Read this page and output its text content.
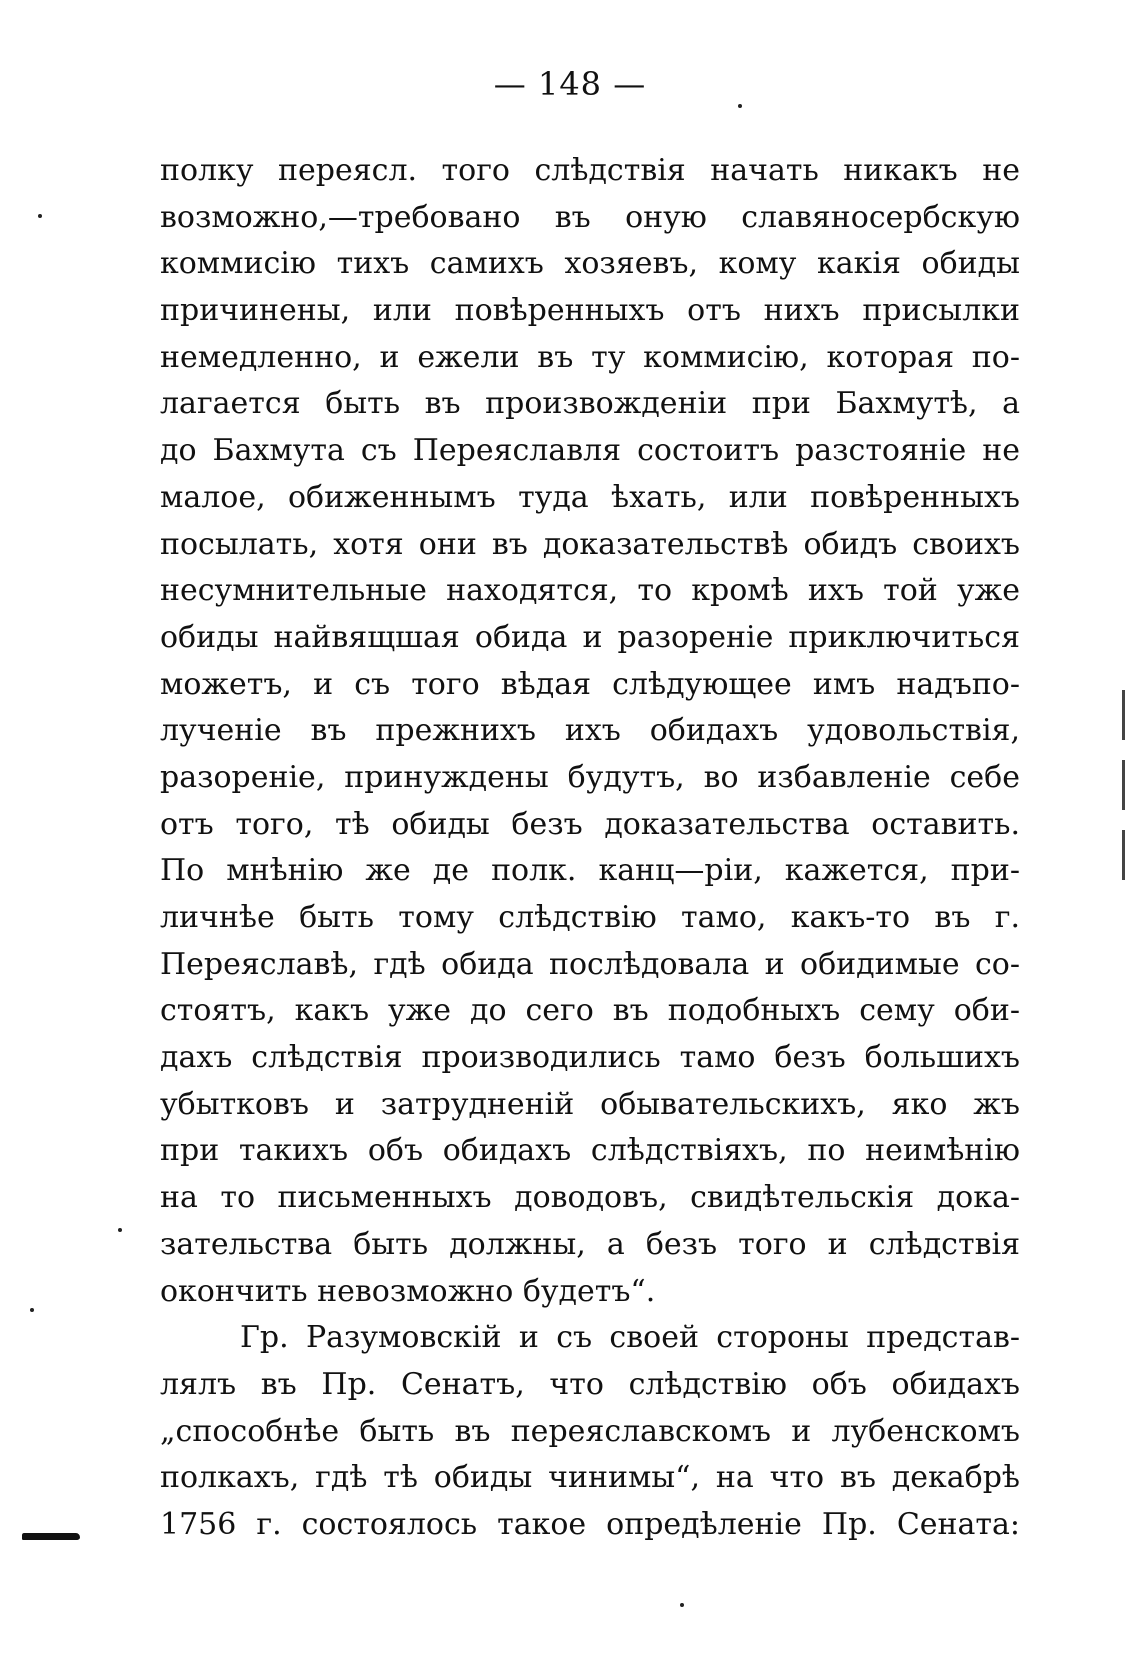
— 148 —
полку переясл. того слѣдствія начать никакъ не
возможно,—требовано въ оную славяносербскую
коммисію тихъ самихъ хозяевъ, кому какія обиды
причинены, или повѣренныхъ отъ нихъ присылки
немедленно, и ежели въ ту коммисію, которая по-
лагается быть въ произвожденіи при Бахмутѣ, а
до Бахмута съ Переяславля состоитъ разстояніе не
малое, обиженнымъ туда ѣхать, или повѣренныхъ
посылать, хотя они въ доказательствѣ обидъ своихъ
несумнительные находятся, то кромѣ ихъ той уже
обиды найвящшая обида и разореніе приключиться
можетъ, и съ того вѣдая слѣдующее имъ надъпо-
лученіе въ прежнихъ ихъ обидахъ удовольствія,
разореніе, принуждены будутъ, во избавленіе себе
отъ того, тѣ обиды безъ доказательства оставить.
По мнѣнію же де полк. канц—ріи, кажется, при-
личнѣе быть тому слѣдствію тамо, какъ-то въ г.
Переяславѣ, гдѣ обида послѣдовала и обидимые со-
стоятъ, какъ уже до сего въ подобныхъ сему оби-
дахъ слѣдствія производились тамо безъ большихъ
убытковъ и затрудненій обывательскихъ, яко жъ
при такихъ объ обидахъ слѣдствіяхъ, по неимѣнію
на то письменныхъ доводовъ, свидѣтельскія дока-
зательства быть должны, а безъ того и слѣдствія
окончить невозможно будетъ“.
Гр. Разумовскій и съ своей стороны представ-
лялъ въ Пр. Сенатъ, что слѣдствію объ обидахъ
„способнѣе быть въ переяславскомъ и лубенскомъ
полкахъ, гдѣ тѣ обиды чинимы“, на что въ декабрѣ
1756 г. состоялось такое опредѣленіе Пр. Сената:
